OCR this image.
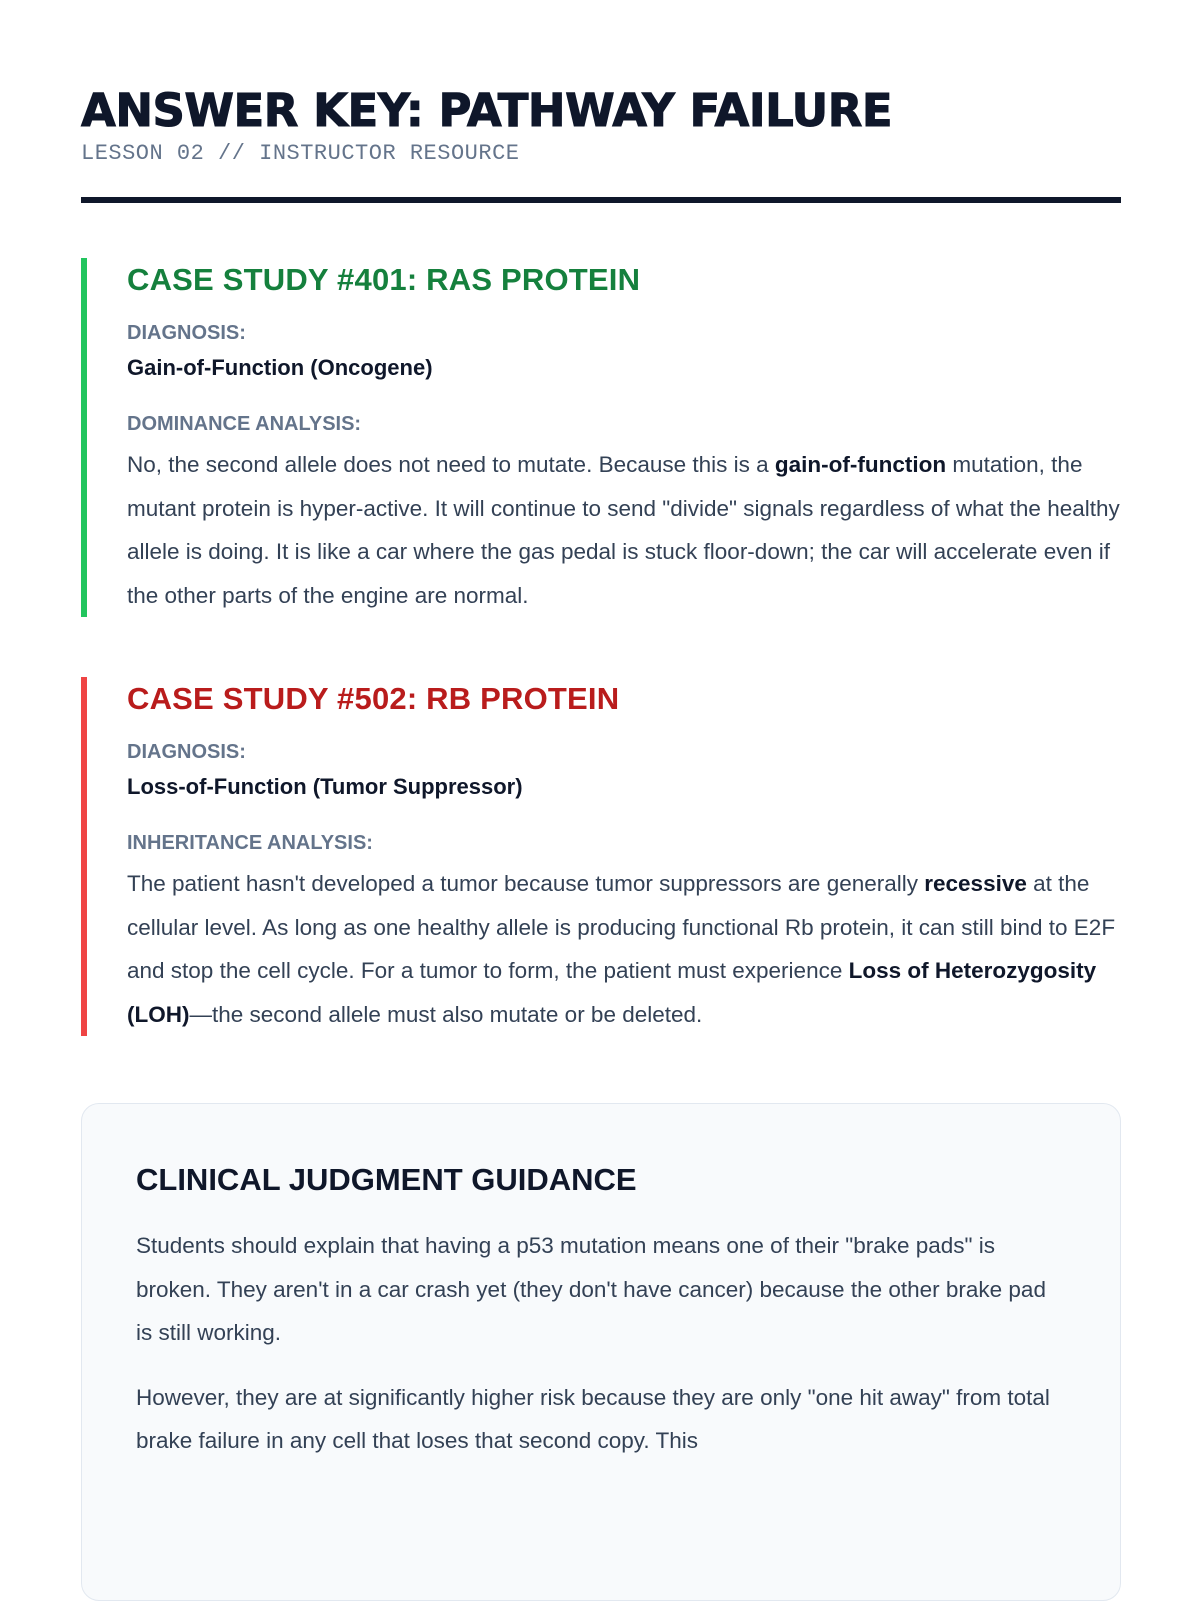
ANSWER KEY: PATHWAY FAILURE
LESSON 02 // INSTRUCTOR RESOURCE
CASE STUDY #401: RAS PROTEIN
DIAGNOSIS:
Gain-of-Function (Oncogene)
DOMINANCE ANALYSIS:
No, the second allele does not need to mutate. Because this is a gain-of-function mutation, the mutant protein is hyper-active. It will continue to send "divide" signals regardless of what the healthy allele is doing. It is like a car where the gas pedal is stuck floor-down; the car will accelerate even if the other parts of the engine are normal.
CASE STUDY #502: RB PROTEIN
DIAGNOSIS:
Loss-of-Function (Tumor Suppressor)
INHERITANCE ANALYSIS:
The patient hasn't developed a tumor because tumor suppressors are generally recessive at the cellular level. As long as one healthy allele is producing functional Rb protein, it can still bind to E2F and stop the cell cycle. For a tumor to form, the patient must experience Loss of Heterozygosity (LOH)—the second allele must also mutate or be deleted.
CLINICAL JUDGMENT GUIDANCE
Students should explain that having a p53 mutation means one of their "brake pads" is broken. They aren't in a car crash yet (they don't have cancer) because the other brake pad is still working.
However, they are at significantly higher risk because they are only "one hit away" from total brake failure in any cell that loses that second copy. This
